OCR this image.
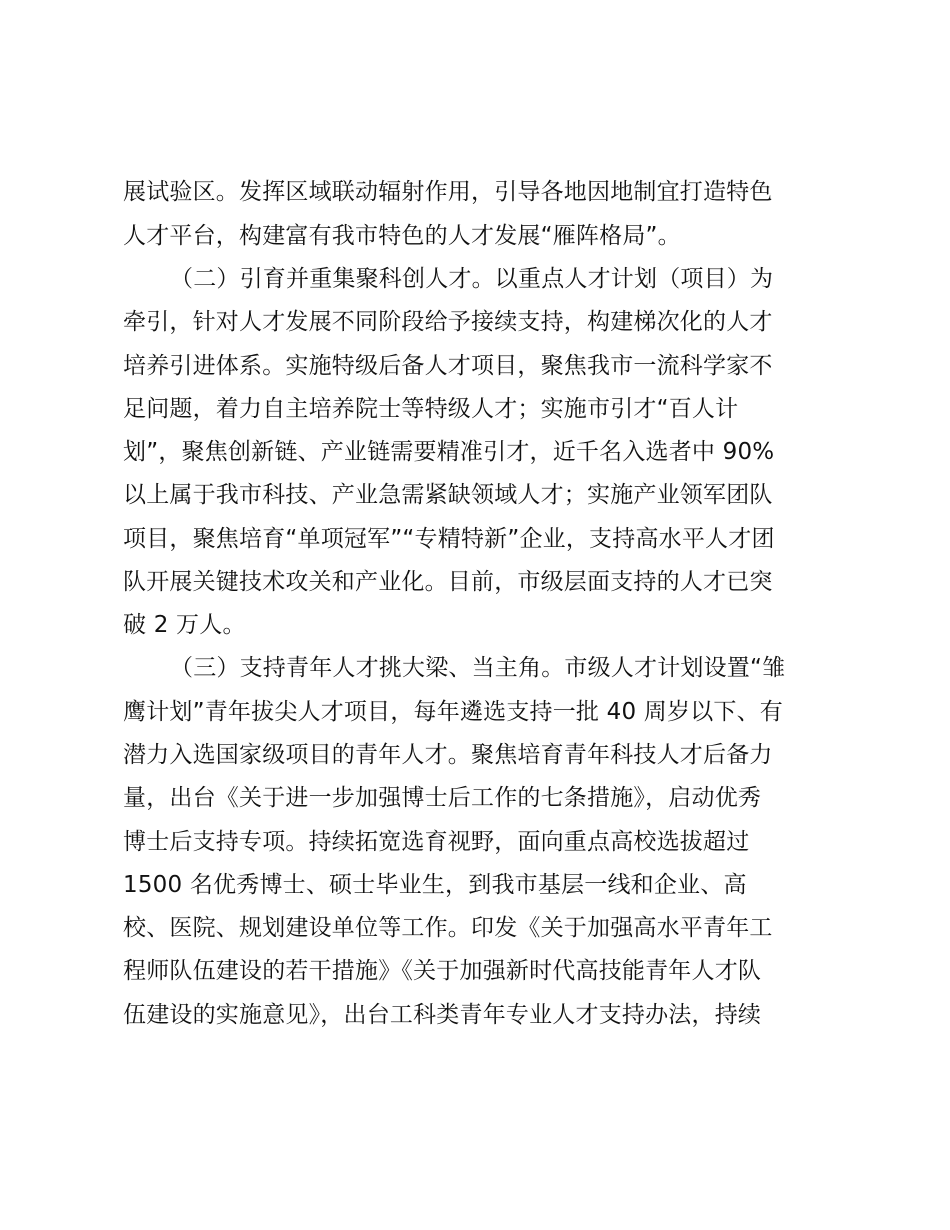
展试验区。发挥区域联动辐射作用，引导各地因地制宜打造特色
人才平台，构建富有我市特色的人才发展“雁阵格局”。
（二）引育并重集聚科创人才。以重点人才计划（项目）为
牵引，针对人才发展不同阶段给予接续支持，构建梯次化的人才
培养引进体系。实施特级后备人才项目，聚焦我市一流科学家不
足问题，着力自主培养院士等特级人才；实施市引才“百人计
划”，聚焦创新链、产业链需要精准引才，近千名入选者中 90%
以上属于我市科技、产业急需紧缺领域人才；实施产业领军团队
项目，聚焦培育“单项冠军”“专精特新”企业，支持高水平人才团
队开展关键技术攻关和产业化。目前，市级层面支持的人才已突
破 2 万人。
（三）支持青年人才挑大梁、当主角。市级人才计划设置“雏
鹰计划”青年拔尖人才项目，每年遴选支持一批 40 周岁以下、有
潜力入选国家级项目的青年人才。聚焦培育青年科技人才后备力
量，出台《关于进一步加强博士后工作的七条措施》，启动优秀
博士后支持专项。持续拓宽选育视野，面向重点高校选拔超过
1500 名优秀博士、硕士毕业生，到我市基层一线和企业、高
校、医院、规划建设单位等工作。印发《关于加强高水平青年工
程师队伍建设的若干措施》《关于加强新时代高技能青年人才队
伍建设的实施意见》，出台工科类青年专业人才支持办法，持续
